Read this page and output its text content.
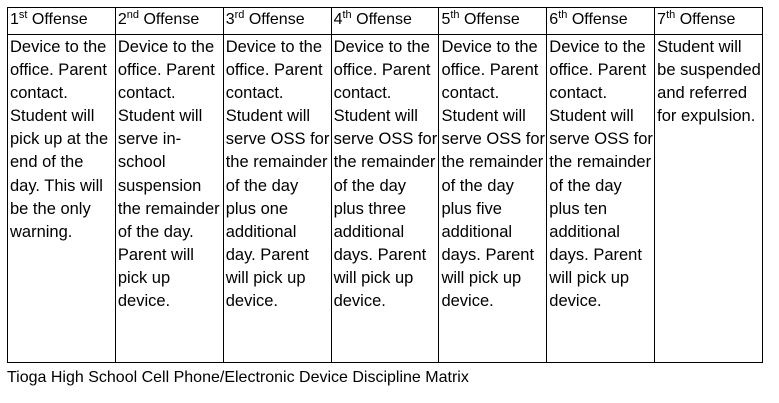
1st Offense	2nd Offense	3rd Offense	4th Offense	5th Offense	6th Offense	7th Offense
Device to the office. Parent contact. Student will pick up at the end of the day. This will be the only warning.	Device to the office. Parent contact. Student will serve in-school suspension the remainder of the day. Parent will pick up device.	Device to the office. Parent contact. Student will serve OSS for the remainder of the day plus one additional day. Parent will pick up device.	Device to the office. Parent contact. Student will serve OSS for the remainder of the day plus three additional days. Parent will pick up device.	Device to the office. Parent contact. Student will serve OSS for the remainder of the day plus five additional days. Parent will pick up device.	Device to the office. Parent contact. Student will serve OSS for the remainder of the day plus ten additional days. Parent will pick up device.	Student will be suspended and referred for expulsion.
Tioga High School Cell Phone/Electronic Device Discipline Matrix
